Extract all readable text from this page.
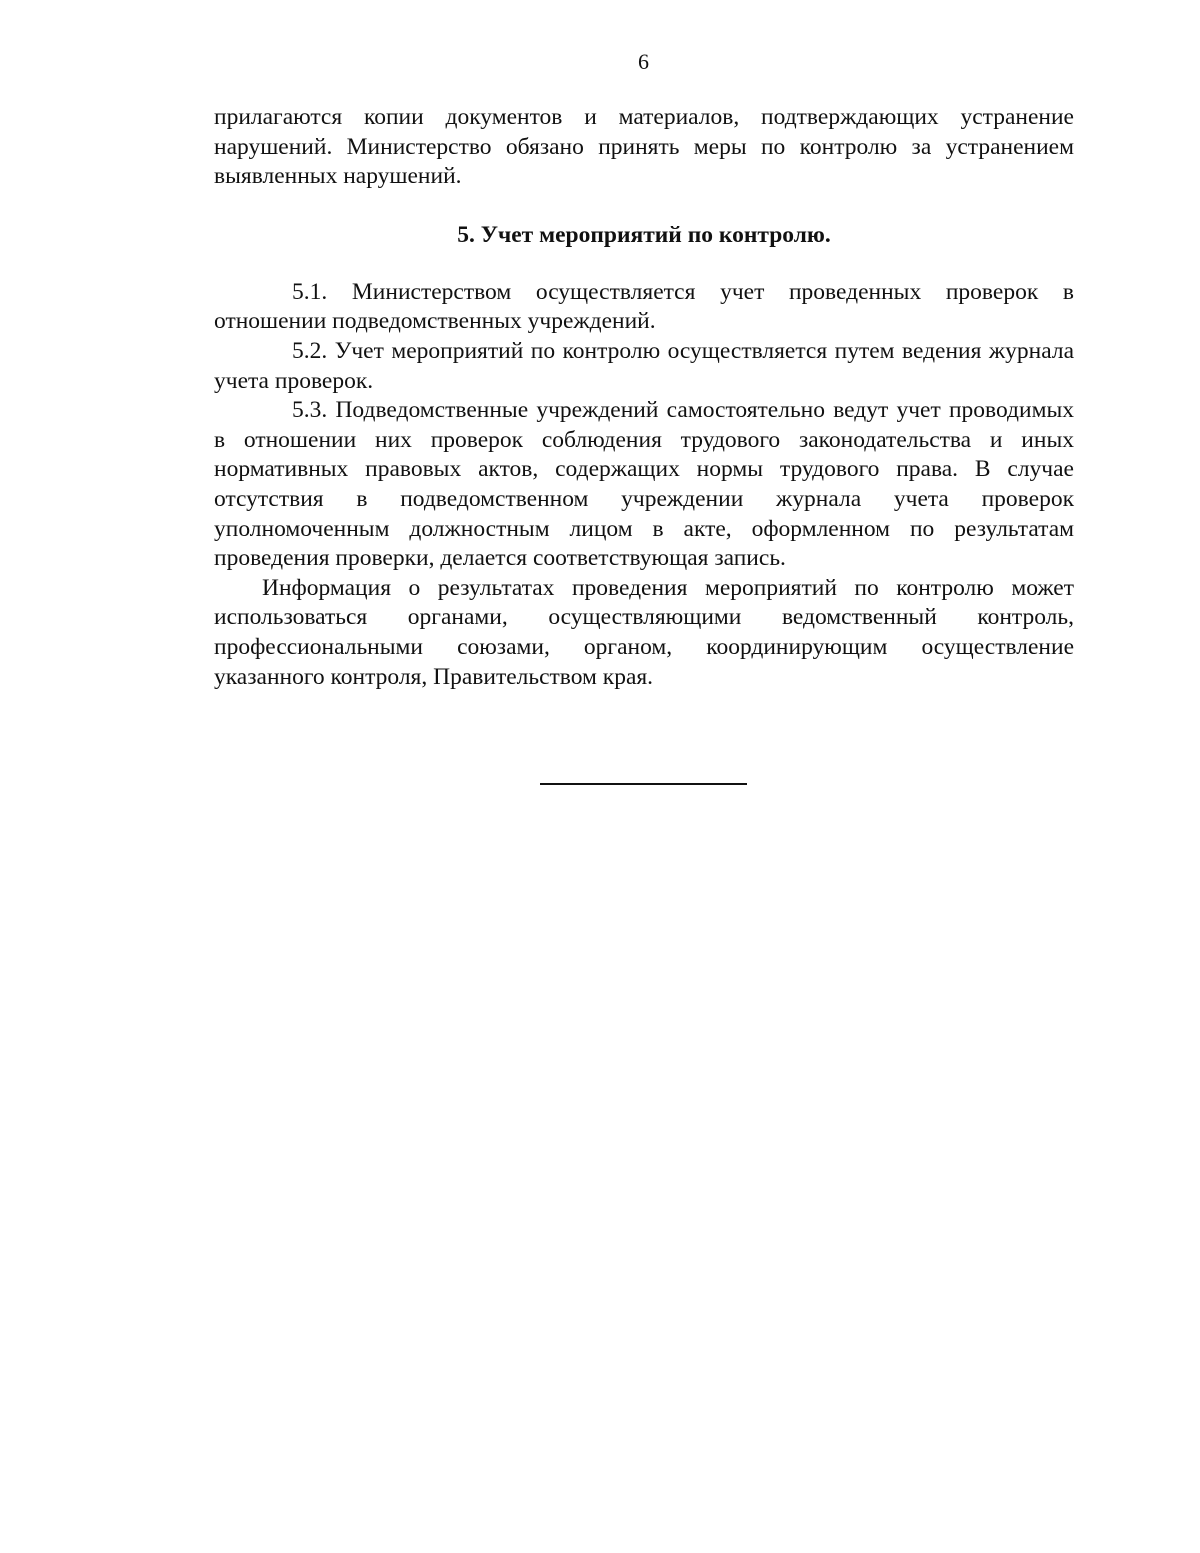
6

прилагаются копии документов и материалов, подтверждающих устранение нарушений. Министерство обязано принять меры по контролю за устранением выявленных нарушений.

5. Учет мероприятий по контролю.

5.1. Министерством осуществляется учет проведенных проверок в отношении подведомственных учреждений.

5.2. Учет мероприятий по контролю осуществляется путем ведения журнала учета проверок.

5.3. Подведомственные учреждений самостоятельно ведут учет проводимых в отношении них проверок соблюдения трудового законодательства и иных нормативных правовых актов, содержащих нормы трудового права. В случае отсутствия в подведомственном учреждении журнала учета проверок уполномоченным должностным лицом в акте, оформленном по результатам проведения проверки, делается соответствующая запись.

Информация о результатах проведения мероприятий по контролю может использоваться органами, осуществляющими ведомственный контроль, профессиональными союзами, органом, координирующим осуществление указанного контроля, Правительством края.
